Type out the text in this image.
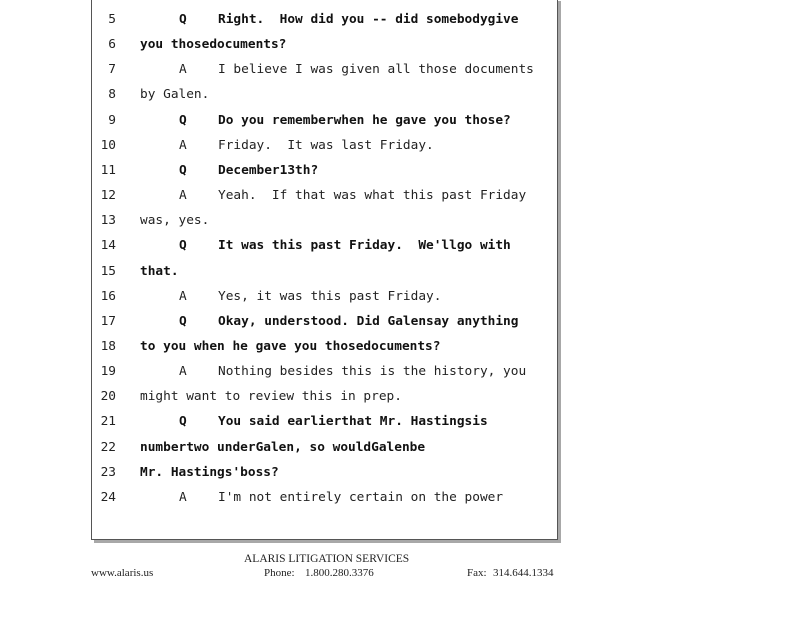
5	Q Right.  How did you -- did somebodygive
6 you thosedocuments?
7	A I believe I was given all those documents
8 by Galen.
9	Q Do you rememberwhen he gave you those?
10	A Friday.  It was last Friday.
11	Q December13th?
12	A Yeah.  If that was what this past Friday
13 was, yes.
14	Q It was this past Friday.  We'llgo with
15 that.
16	A Yes, it was this past Friday.
17	Q Okay, understood. Did Galensay anything
18 to you when he gave you thosedocuments?
19	A Nothing besides this is the history, you
20 might want to review this in prep.
21	Q You said earlierthat Mr. Hastingsis
22 numbertwo underGalen, so wouldGalenbe
23 Mr. Hastings'boss?
24	A I'm not entirely certain on the power
ALARIS LITIGATION SERVICES
www.alaris.us	Phone: 1.800.280.3376	Fax: 314.644.1334
